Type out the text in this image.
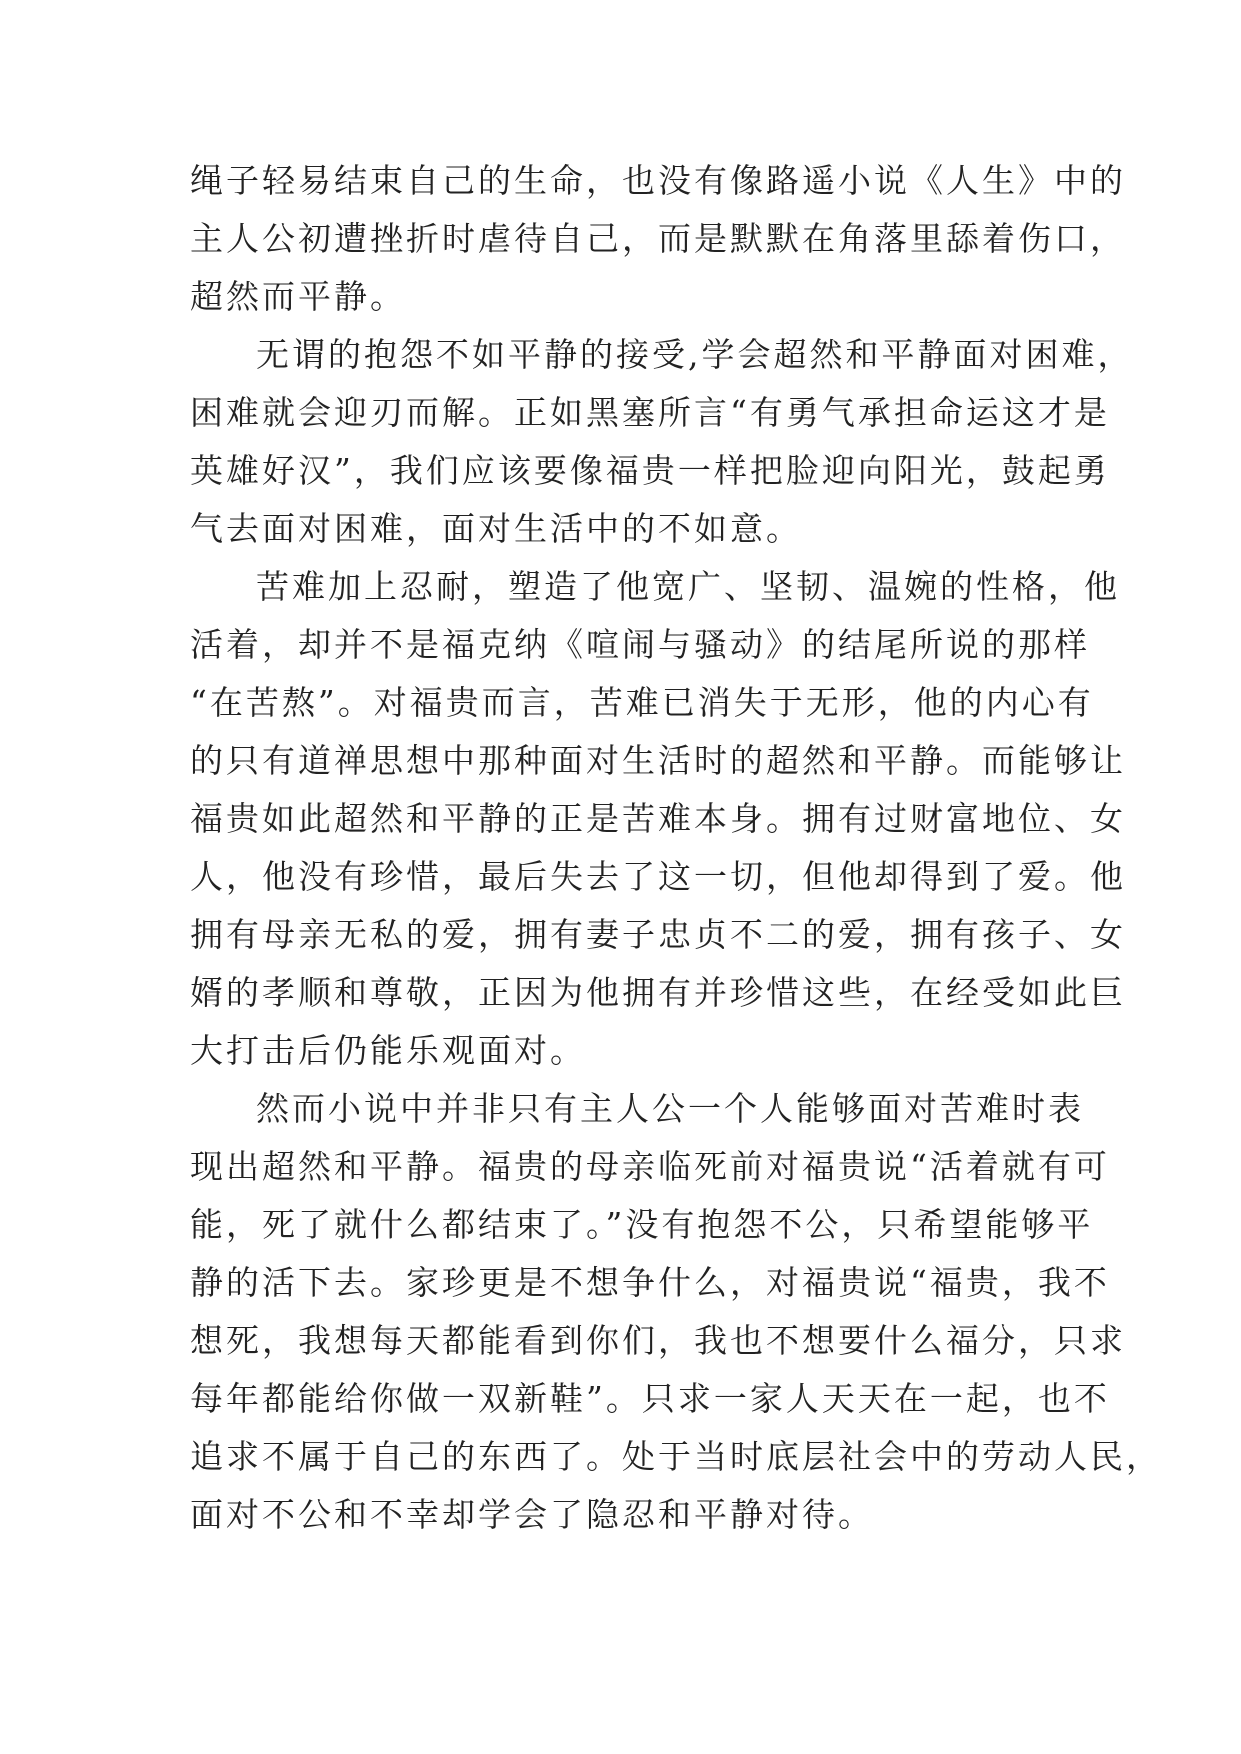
绳子轻易结束自己的生命，也没有像路遥小说《人生》中的
主人公初遭挫折时虐待自己，而是默默在角落里舔着伤口，
超然而平静。
无谓的抱怨不如平静的接受,学会超然和平静面对困难，
困难就会迎刃而解。正如黑塞所言“有勇气承担命运这才是
英雄好汉”，我们应该要像福贵一样把脸迎向阳光，鼓起勇
气去面对困难，面对生活中的不如意。
苦难加上忍耐，塑造了他宽广、坚韧、温婉的性格，他
活着，却并不是福克纳《喧闹与骚动》的结尾所说的那样
“在苦熬”。对福贵而言，苦难已消失于无形，他的内心有
的只有道禅思想中那种面对生活时的超然和平静。而能够让
福贵如此超然和平静的正是苦难本身。拥有过财富地位、女
人，他没有珍惜，最后失去了这一切，但他却得到了爱。他
拥有母亲无私的爱，拥有妻子忠贞不二的爱，拥有孩子、女
婿的孝顺和尊敬，正因为他拥有并珍惜这些，在经受如此巨
大打击后仍能乐观面对。
然而小说中并非只有主人公一个人能够面对苦难时表
现出超然和平静。福贵的母亲临死前对福贵说“活着就有可
能，死了就什么都结束了。”没有抱怨不公，只希望能够平
静的活下去。家珍更是不想争什么，对福贵说“福贵，我不
想死，我想每天都能看到你们，我也不想要什么福分，只求
每年都能给你做一双新鞋”。只求一家人天天在一起，也不
追求不属于自己的东西了。处于当时底层社会中的劳动人民，
面对不公和不幸却学会了隐忍和平静对待。
